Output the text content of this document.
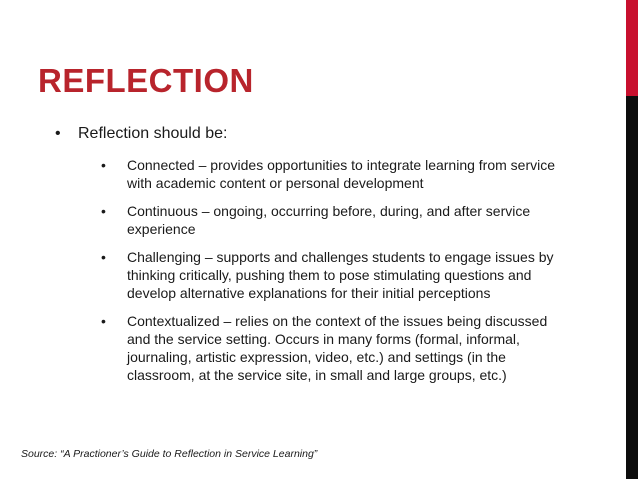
REFLECTION
• Reflection should be:
• Connected – provides opportunities to integrate learning from service with academic content or personal development
• Continuous – ongoing, occurring before, during, and after service experience
• Challenging – supports and challenges students to engage issues by thinking critically, pushing them to pose stimulating questions and develop alternative explanations for their initial perceptions
• Contextualized – relies on the context of the issues being discussed and the service setting. Occurs in many forms (formal, informal, journaling, artistic expression, video, etc.) and settings (in the classroom, at the service site, in small and large groups, etc.)
Source: “A Practioner’s Guide to Reflection in Service Learning”
